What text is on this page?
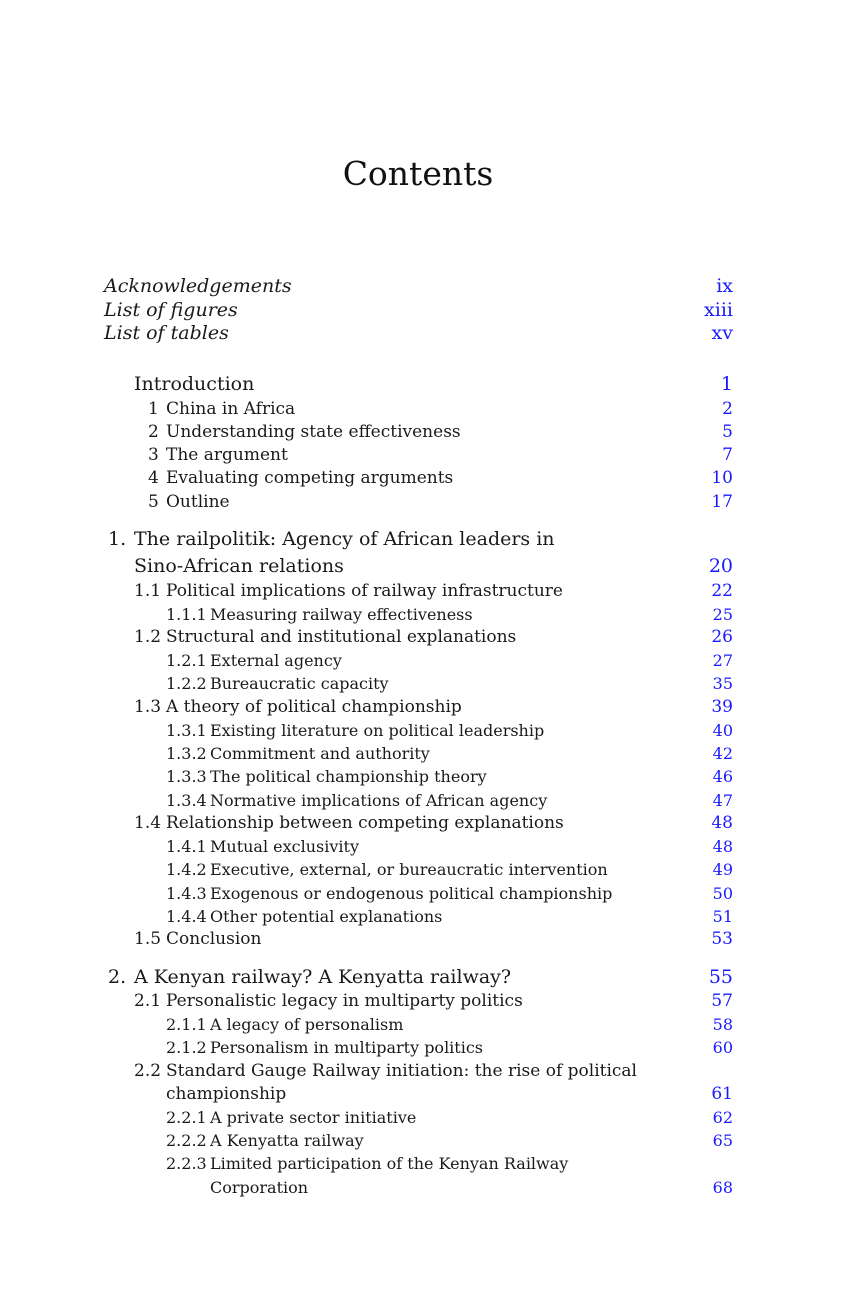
Contents
Acknowledgements	ix
List of figures	xiii
List of tables	xv
Introduction	1
1 China in Africa	2
2 Understanding state effectiveness	5
3 The argument	7
4 Evaluating competing arguments	10
5 Outline	17
1. The railpolitik: Agency of African leaders in
Sino-African relations	20
1.1 Political implications of railway infrastructure	22
1.1.1 Measuring railway effectiveness	25
1.2 Structural and institutional explanations	26
1.2.1 External agency	27
1.2.2 Bureaucratic capacity	35
1.3 A theory of political championship	39
1.3.1 Existing literature on political leadership	40
1.3.2 Commitment and authority	42
1.3.3 The political championship theory	46
1.3.4 Normative implications of African agency	47
1.4 Relationship between competing explanations	48
1.4.1 Mutual exclusivity	48
1.4.2 Executive, external, or bureaucratic intervention	49
1.4.3 Exogenous or endogenous political championship	50
1.4.4 Other potential explanations	51
1.5 Conclusion	53
2. A Kenyan railway? A Kenyatta railway?	55
2.1 Personalistic legacy in multiparty politics	57
2.1.1 A legacy of personalism	58
2.1.2 Personalism in multiparty politics	60
2.2 Standard Gauge Railway initiation: the rise of political
championship	61
2.2.1 A private sector initiative	62
2.2.2 A Kenyatta railway	65
2.2.3 Limited participation of the Kenyan Railway
Corporation	68
